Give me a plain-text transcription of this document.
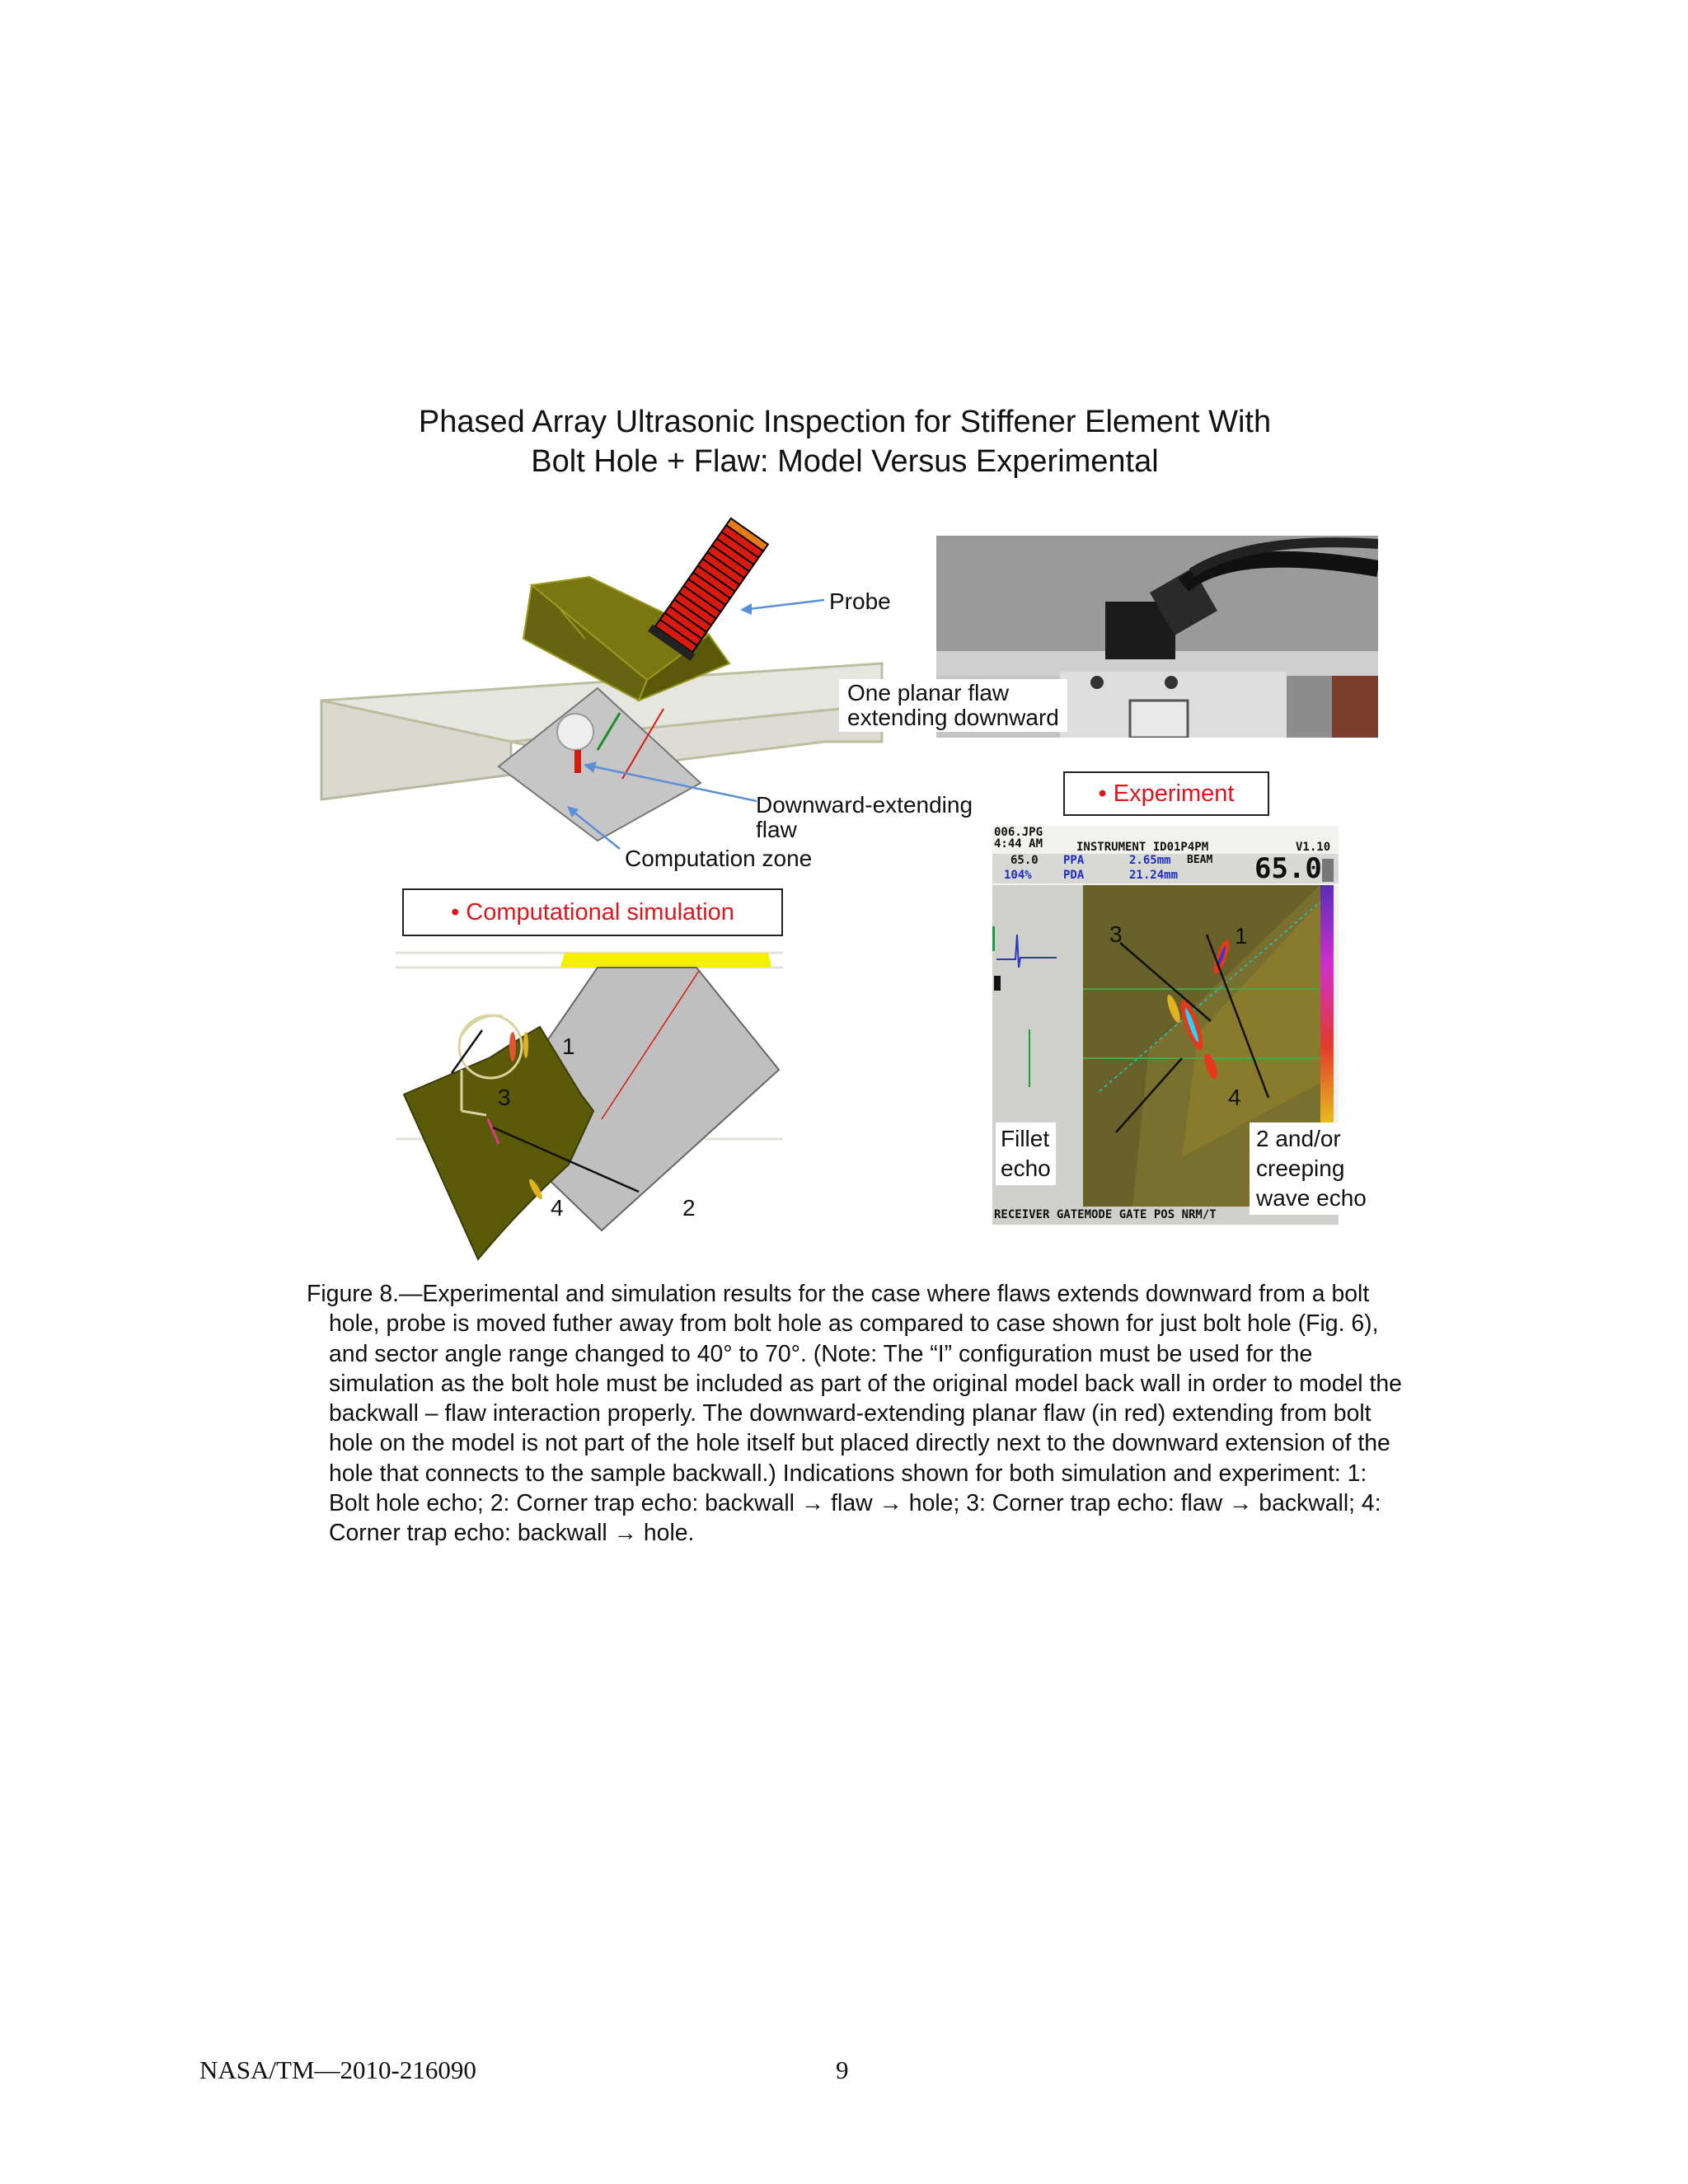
Phased Array Ultrasonic Inspection for Stiffener Element With
Bolt Hole + Flaw: Model Versus Experimental
Probe
Downward-extending
flaw
Computation zone
One planar flaw
extending downward
• Experiment
006.JPG
4:44 AM	INSTRUMENT ID01P4PM	V1.10
65.0
104%
PPA	2.65mm
PDA	21.24mm
BEAM 65.0
3	1
4
RECEIVER GATEMODE GATE POS NRM/T
Fillet
echo
2 and/or
creeping
wave echo
• Computational simulation
1
2
3
4

Figure 8.—Experimental and simulation results for the case where flaws extends downward from a bolt hole, probe is moved futher away from bolt hole as compared to case shown for just bolt hole (Fig. 6), and sector angle range changed to 40° to 70°. (Note: The “I” configuration must be used for the simulation as the bolt hole must be included as part of the original model back wall in order to model the backwall – flaw interaction properly. The downward-extending planar flaw (in red) extending from bolt hole on the model is not part of the hole itself but placed directly next to the downward extension of the hole that connects to the sample backwall.) Indications shown for both simulation and experiment: 1: Bolt hole echo; 2: Corner trap echo: backwall → flaw → hole; 3: Corner trap echo: flaw → backwall; 4: Corner trap echo: backwall → hole.

NASA/TM—2010-216090	9
